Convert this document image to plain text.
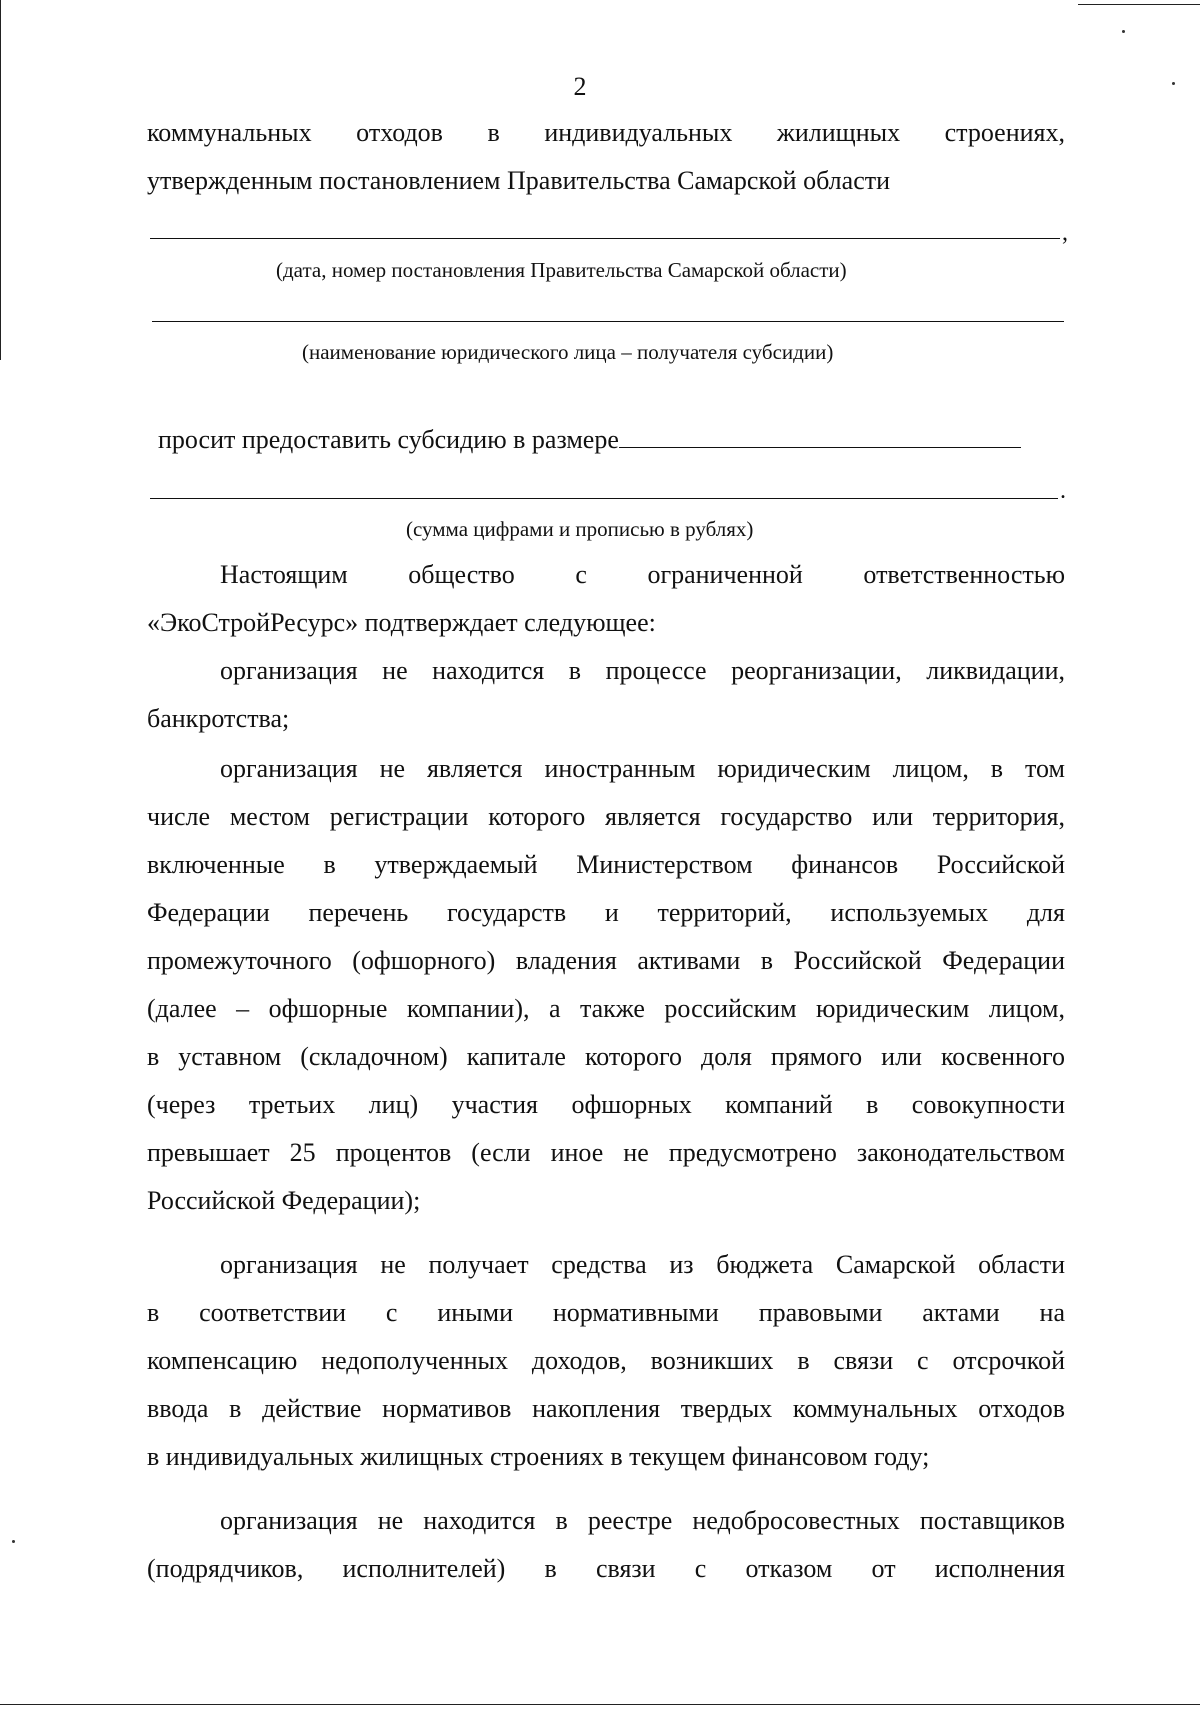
2
коммунальных отходов в индивидуальных жилищных строениях,
утвержденным постановлением Правительства Самарской области
,
(дата, номер постановления Правительства Самарской области)
(наименование юридического лица – получателя субсидии)
просит предоставить субсидию в размере
.
(сумма цифрами и прописью в рублях)
Настоящим общество с ограниченной ответственностью
«ЭкоСтройРесурс» подтверждает следующее:
организация не находится в процессе реорганизации, ликвидации,
банкротства;
организация не является иностранным юридическим лицом, в том
числе местом регистрации которого является государство или территория,
включенные в утверждаемый Министерством финансов Российской
Федерации перечень государств и территорий, используемых для
промежуточного (офшорного) владения активами в Российской Федерации
(далее – офшорные компании), а также российским юридическим лицом,
в уставном (складочном) капитале которого доля прямого или косвенного
(через третьих лиц) участия офшорных компаний в совокупности
превышает 25 процентов (если иное не предусмотрено законодательством
Российской Федерации);
организация не получает средства из бюджета Самарской области
в соответствии с иными нормативными правовыми актами на
компенсацию недополученных доходов, возникших в связи с отсрочкой
ввода в действие нормативов накопления твердых коммунальных отходов
в индивидуальных жилищных строениях в текущем финансовом году;
организация не находится в реестре недобросовестных поставщиков
(подрядчиков, исполнителей) в связи с отказом от исполнения
